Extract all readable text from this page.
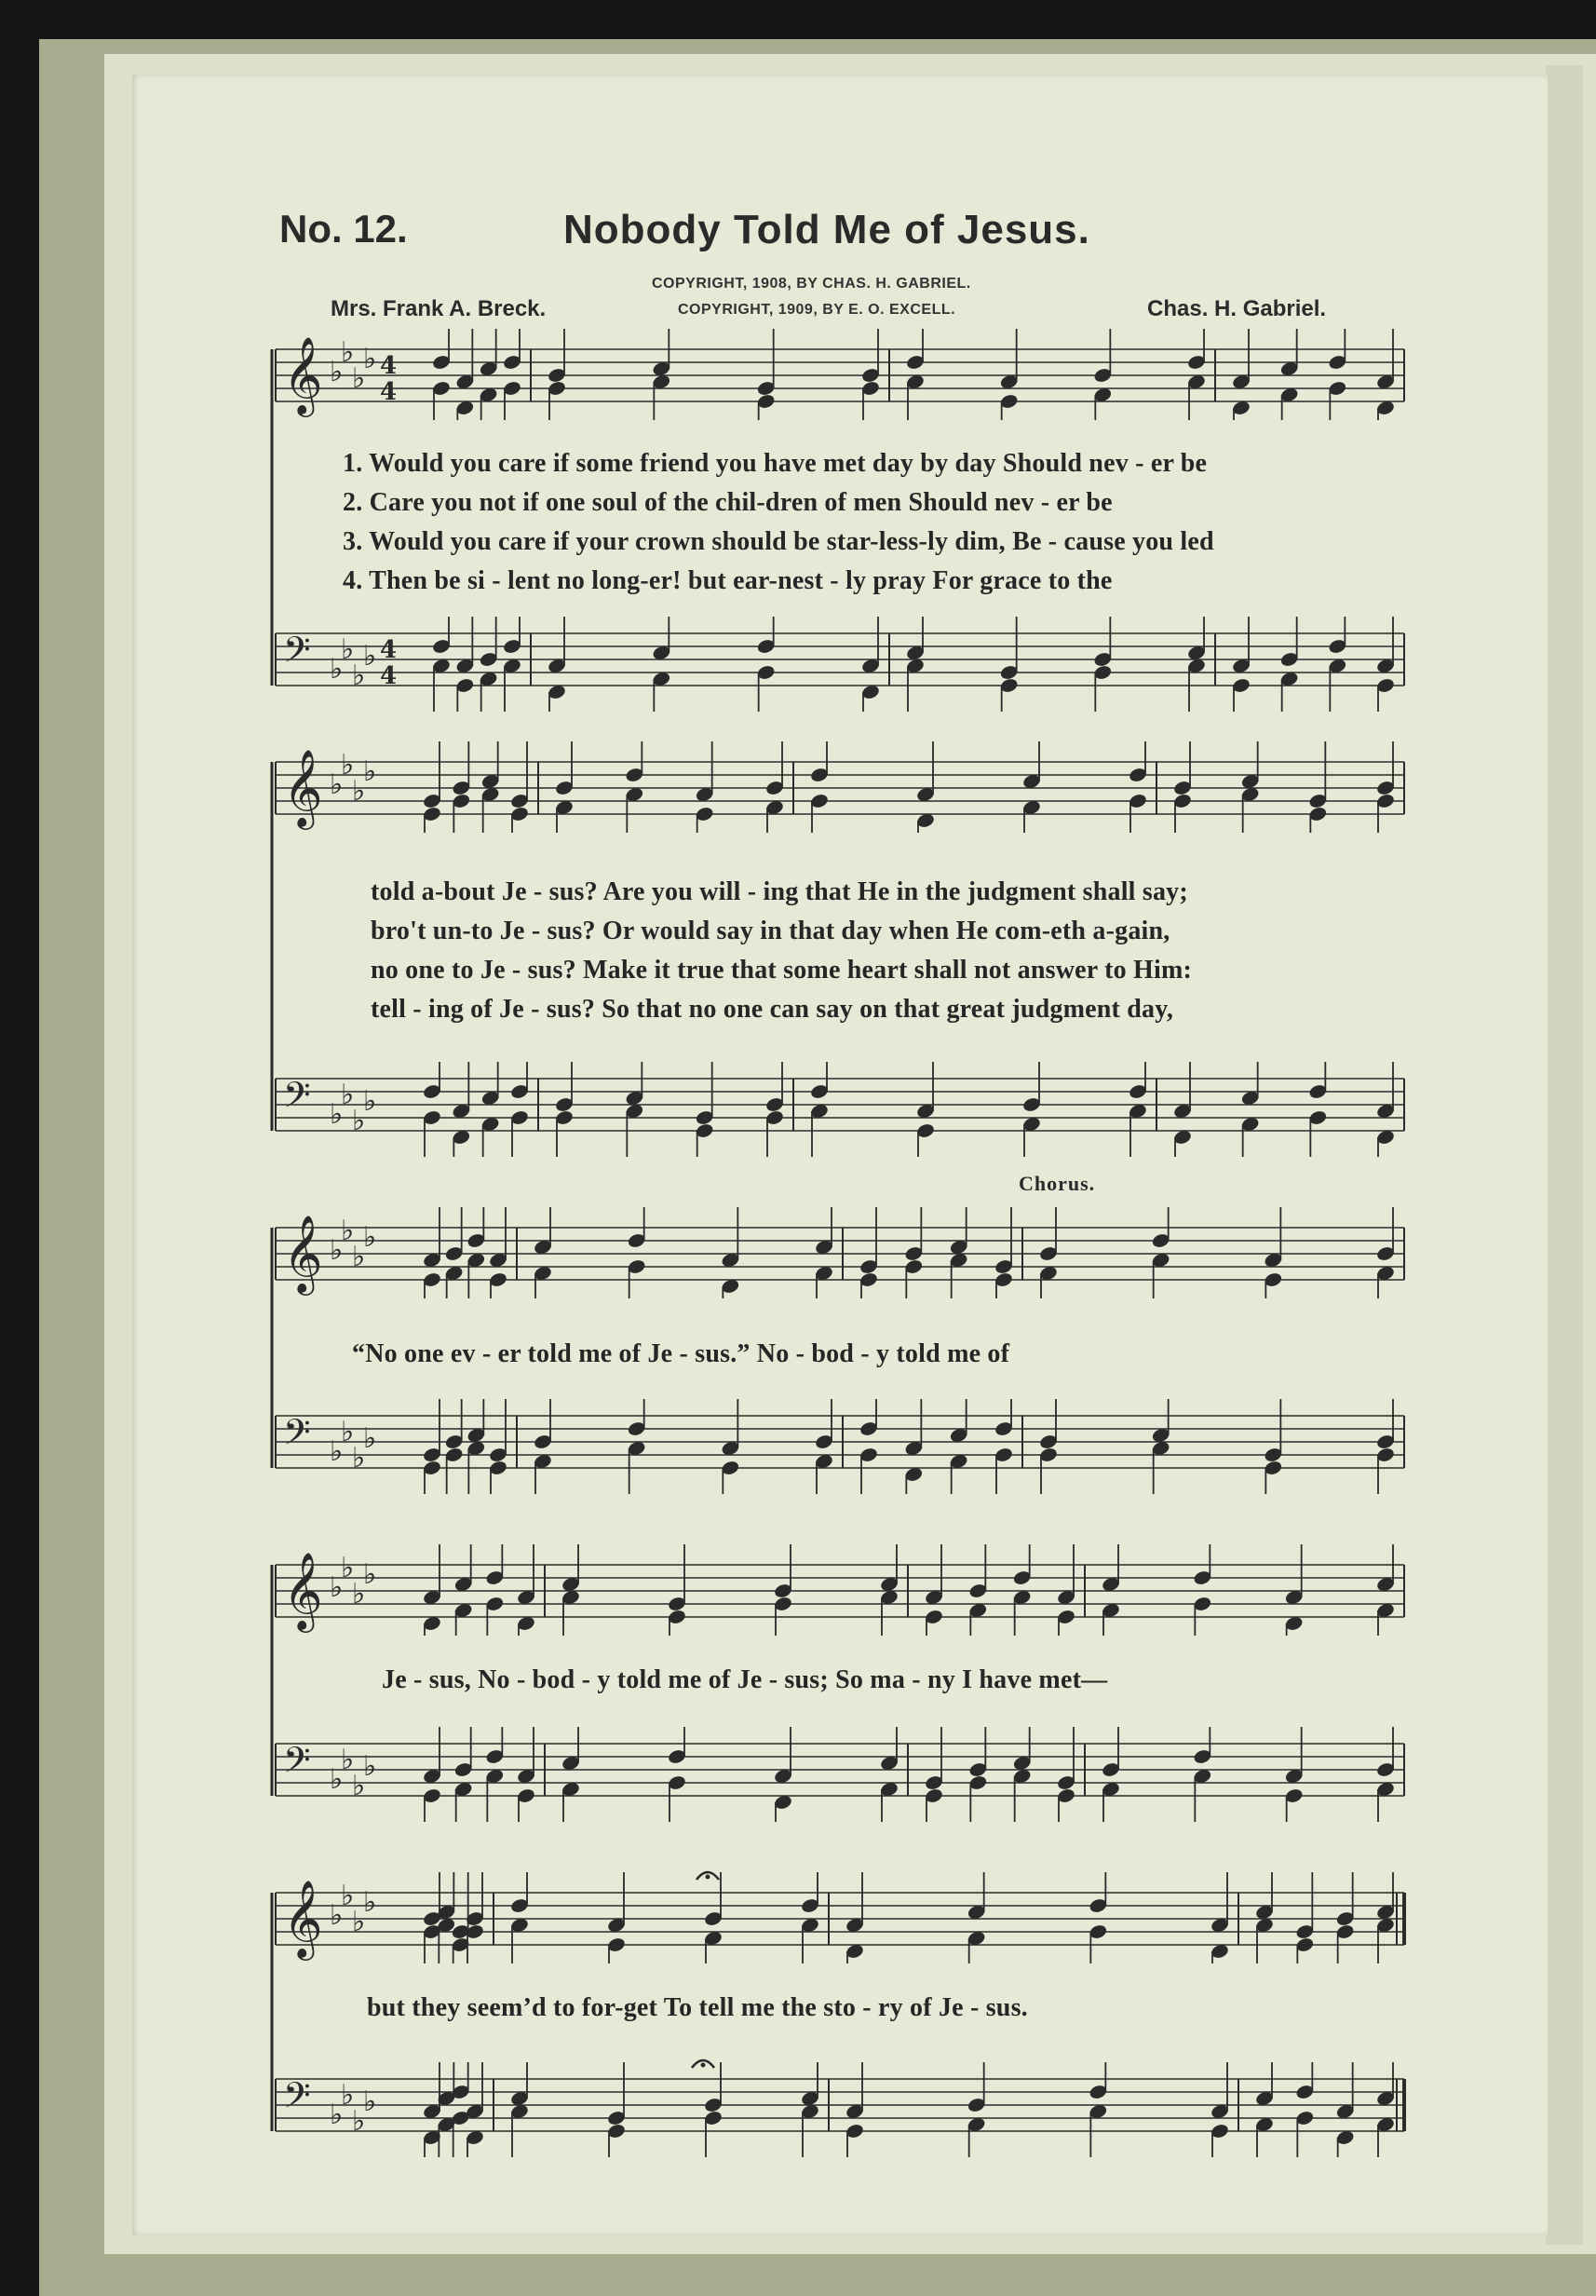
No. 12.	Nobody Told Me of Jesus.
COPYRIGHT, 1908, BY CHAS. H. GABRIEL.
COPYRIGHT, 1909, BY E. O. EXCELL.
Mrs. Frank A. Breck.	Chas. H. Gabriel.
𝄞 ♭
♭
♭
♭ 4
4
𝄢 ♭
♭
♭
♭ 4
4
𝄞 ♭
♭
♭
♭
𝄢 ♭
♭
♭
♭
𝄞 ♭
♭
♭
♭
𝄢 ♭
♭
♭
♭
𝄞 ♭
♭
♭
♭
𝄢 ♭
♭
♭
♭
𝄞 ♭
♭
♭
♭
𝄢 ♭
♭
♭
♭
1. Would you care if some friend you have met day by day Should nev - er be
2. Care you not if one soul of the chil-dren of men Should nev - er be
3. Would you care if your crown should be star-less-ly dim, Be - cause you led
4. Then be si - lent no long-er! but ear-nest - ly pray For grace to the
told a-bout Je - sus? Are you will - ing that He in the judgment shall say;
bro't un-to Je - sus? Or would say in that day when He com-eth a-gain,
no one to Je - sus? Make it true that some heart shall not answer to Him:
tell - ing of Je - sus? So that no one can say on that great judgment day,
Chorus.
“No one ev - er told me of Je - sus.” No - bod - y told me of
Je - sus, No - bod - y told me of Je - sus; So ma - ny I have met—
but they seem’d to for-get To tell me the sto - ry of Je - sus.
